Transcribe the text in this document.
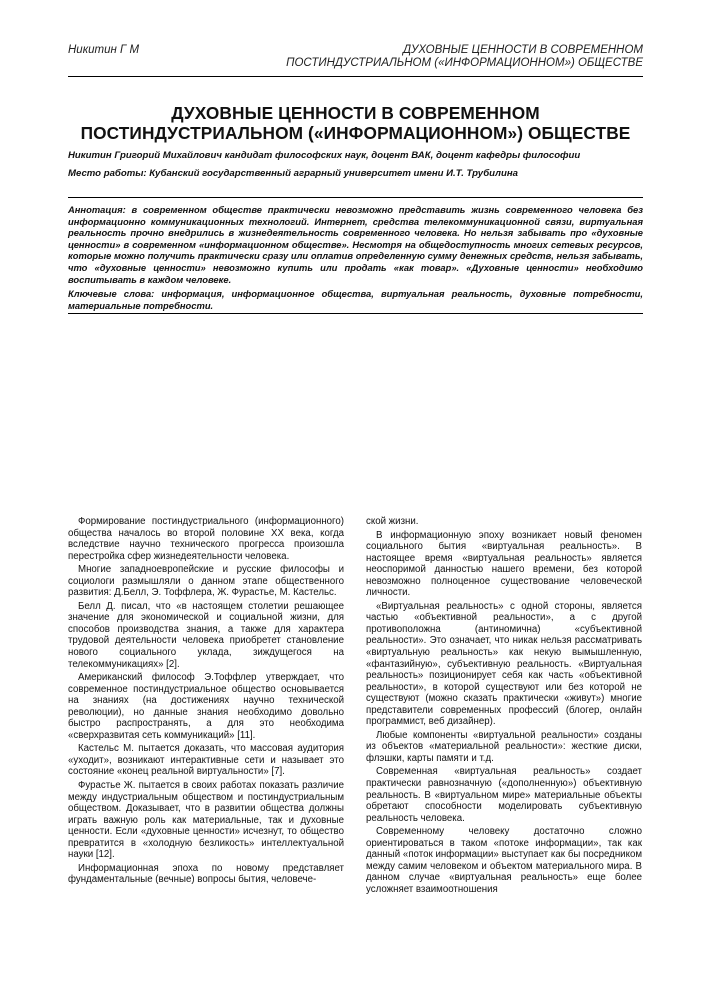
Никитин Г М	ДУХОВНЫЕ ЦЕННОСТИ В СОВРЕМЕННОМ
ПОСТИНДУСТРИАЛЬНОМ («ИНФОРМАЦИОННОМ») ОБЩЕСТВЕ
ДУХОВНЫЕ ЦЕННОСТИ В СОВРЕМЕННОМ
ПОСТИНДУСТРИАЛЬНОМ («ИНФОРМАЦИОННОМ») ОБЩЕСТВЕ
Никитин Григорий Михайлович кандидат философских наук, доцент ВАК, доцент кафедры философии
Место работы: Кубанский государственный аграрный университет имени И.Т. Трубилина
Аннотация: в современном обществе практически невозможно представить жизнь современного человека без информационно коммуникационных технологий. Интернет, средства телекоммуникационной связи, виртуальная реальность прочно внедрились в жизнедеятельность современного человека. Но нельзя забывать про «духовные ценности» в современном «информационном обществе». Несмотря на общедоступность многих сетевых ресурсов, которые можно получить практически сразу или оплатив определенную сумму денежных средств, нельзя забывать, что «духовные ценности» невозможно купить или продать «как товар». «Духовные ценности» необходимо воспитывать в каждом человеке.
Ключевые слова: информация, информационное общества, виртуальная реальность, духовные потребности, материальные потребности.

Формирование постиндустриального (информационного) общества началось во второй половине ХХ века, когда вследствие научно технического прогресса произошла перестройка сфер жизнедеятельности человека.

Многие западноевропейские и русские философы и социологи размышляли о данном этапе общественного развития: Д.Белл, Э. Тоффлера, Ж. Фурастье, М. Кастельс.

Белл Д. писал, что «в настоящем столетии решающее значение для экономической и социальной жизни, для способов производства знания, а также для характера трудовой деятельности человека приобретет становление нового социального уклада, зиждущегося на телекоммуникациях» [2].

Американский философ Э.Тоффлер утверждает, что современное постиндустриальное общество основывается на знаниях (на достижениях научно технической революции), но данные знания необходимо довольно быстро распространять, а для это необходима «сверхразвитая сеть коммуникаций» [11].

Кастельс М. пытается доказать, что массовая аудитория «уходит», возникают интерактивные сети и называет это состояние «конец реальной виртуальности» [7].

Фурастье Ж. пытается в своих работах показать различие между индустриальным обществом и постиндустриальным обществом. Доказывает, что в развитии общества должны играть важную роль как материальные, так и духовные ценности. Если «духовные ценности» исчезнут, то общество превратится в «холодную безликость» интеллектуальной науки [12].

Информационная эпоха по новому представляет фундаментальные (вечные) вопросы бытия, человече-

ской жизни.

В информационную эпоху возникает новый феномен социального бытия «виртуальная реальность». В настоящее время «виртуальная реальность» является неоспоримой данностью нашего времени, без которой невозможно полноценное существование человеческой личности.

«Виртуальная реальность» с одной стороны, является частью «объективной реальности», а с другой противоположна (антиномична) «субъективной реальности». Это означает, что никак нельзя рассматривать «виртуальную реальность» как некую вымышленную, «фантазийную», субъективную реальность. «Виртуальная реальность» позиционирует себя как часть «объективной реальности», в которой существуют или без которой не существуют (можно сказать практически «живут») многие представители современных профессий (блогер, онлайн программист, веб дизайнер).

Любые компоненты «виртуальной реальности» созданы из объектов «материальной реальности»: жесткие диски, флэшки, карты памяти и т.д.

Современная «виртуальная реальность» создает практически равнозначную («дополненную») объективную реальность. В «виртуальном мире» материальные объекты обретают способности моделировать субъективную реальность человека.

Современному человеку достаточно сложно ориентироваться в таком «потоке информации», так как данный «поток информации» выступает как бы посредником между самим человеком и объектом материального мира. В данном случае «виртуальная реальность» еще более усложняет взаимоотношения
